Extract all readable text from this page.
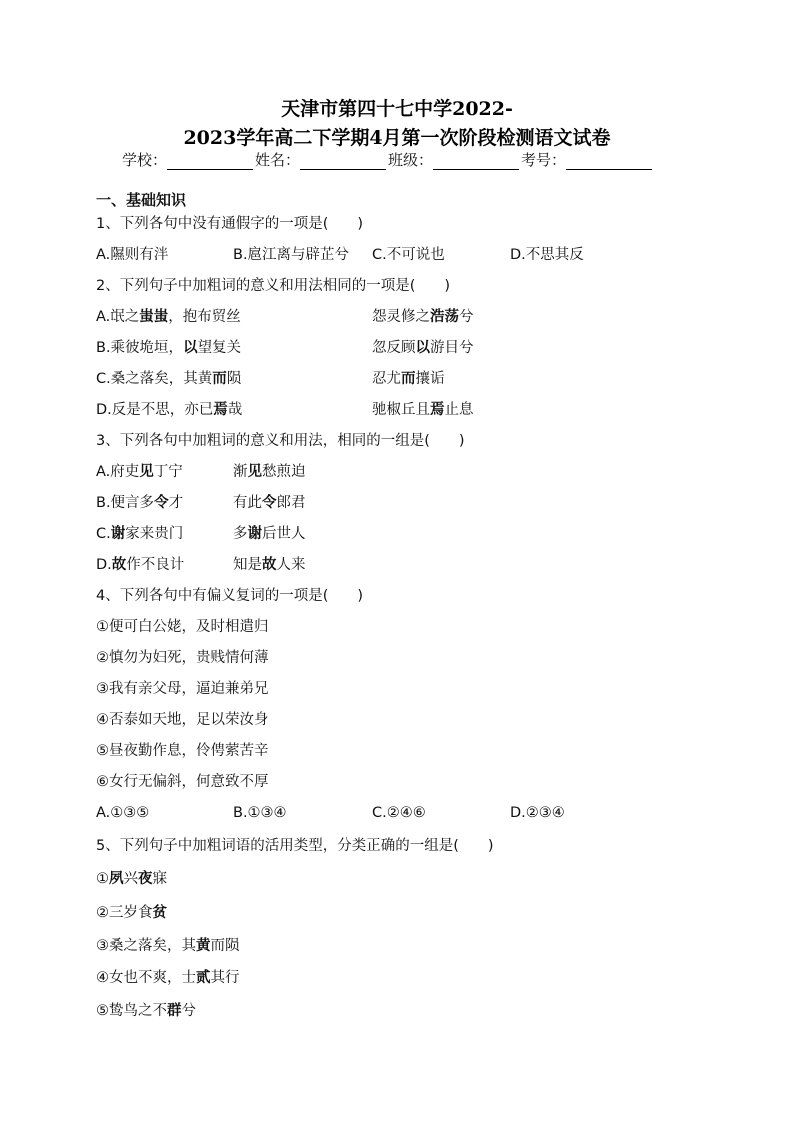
天津市第四十七中学2022-
2023学年高二下学期4月第一次阶段检测语文试卷
学校：	姓名：	班级：	考号：
一、基础知识
1、下列各句中没有通假字的一项是(　　)
A.隰则有泮	B.扈江离与辟芷兮 C.不可说也	D.不思其反
2、下列句子中加粗词的意义和用法相同的一项是(　　)
A.氓之蚩蚩，抱布贸丝	怨灵修之浩荡兮
B.乘彼垝垣，以望复关	忽反顾以游目兮
C.桑之落矣，其黄而陨	忍尤而攘诟
D.反是不思，亦已焉哉	驰椒丘且焉止息
3、下列各句中加粗词的意义和用法，相同的一组是(　　)
A.府吏见丁宁	渐见愁煎迫
B.便言多令才	有此令郎君
C.谢家来贵门	多谢后世人
D.故作不良计	知是故人来
4、下列各句中有偏义复词的一项是(　　)
①便可白公姥，及时相遣归
②慎勿为妇死，贵贱情何薄
③我有亲父母，逼迫兼弟兄
④否泰如天地，足以荣汝身
⑤昼夜勤作息，伶俜萦苦辛
⑥女行无偏斜，何意致不厚
A.①③⑤	B.①③④	C.②④⑥	D.②③④
5、下列句子中加粗词语的活用类型，分类正确的一组是(　　)
①夙兴夜寐
②三岁食贫
③桑之落矣，其黄而陨
④女也不爽，士贰其行
⑤鸷鸟之不群兮
